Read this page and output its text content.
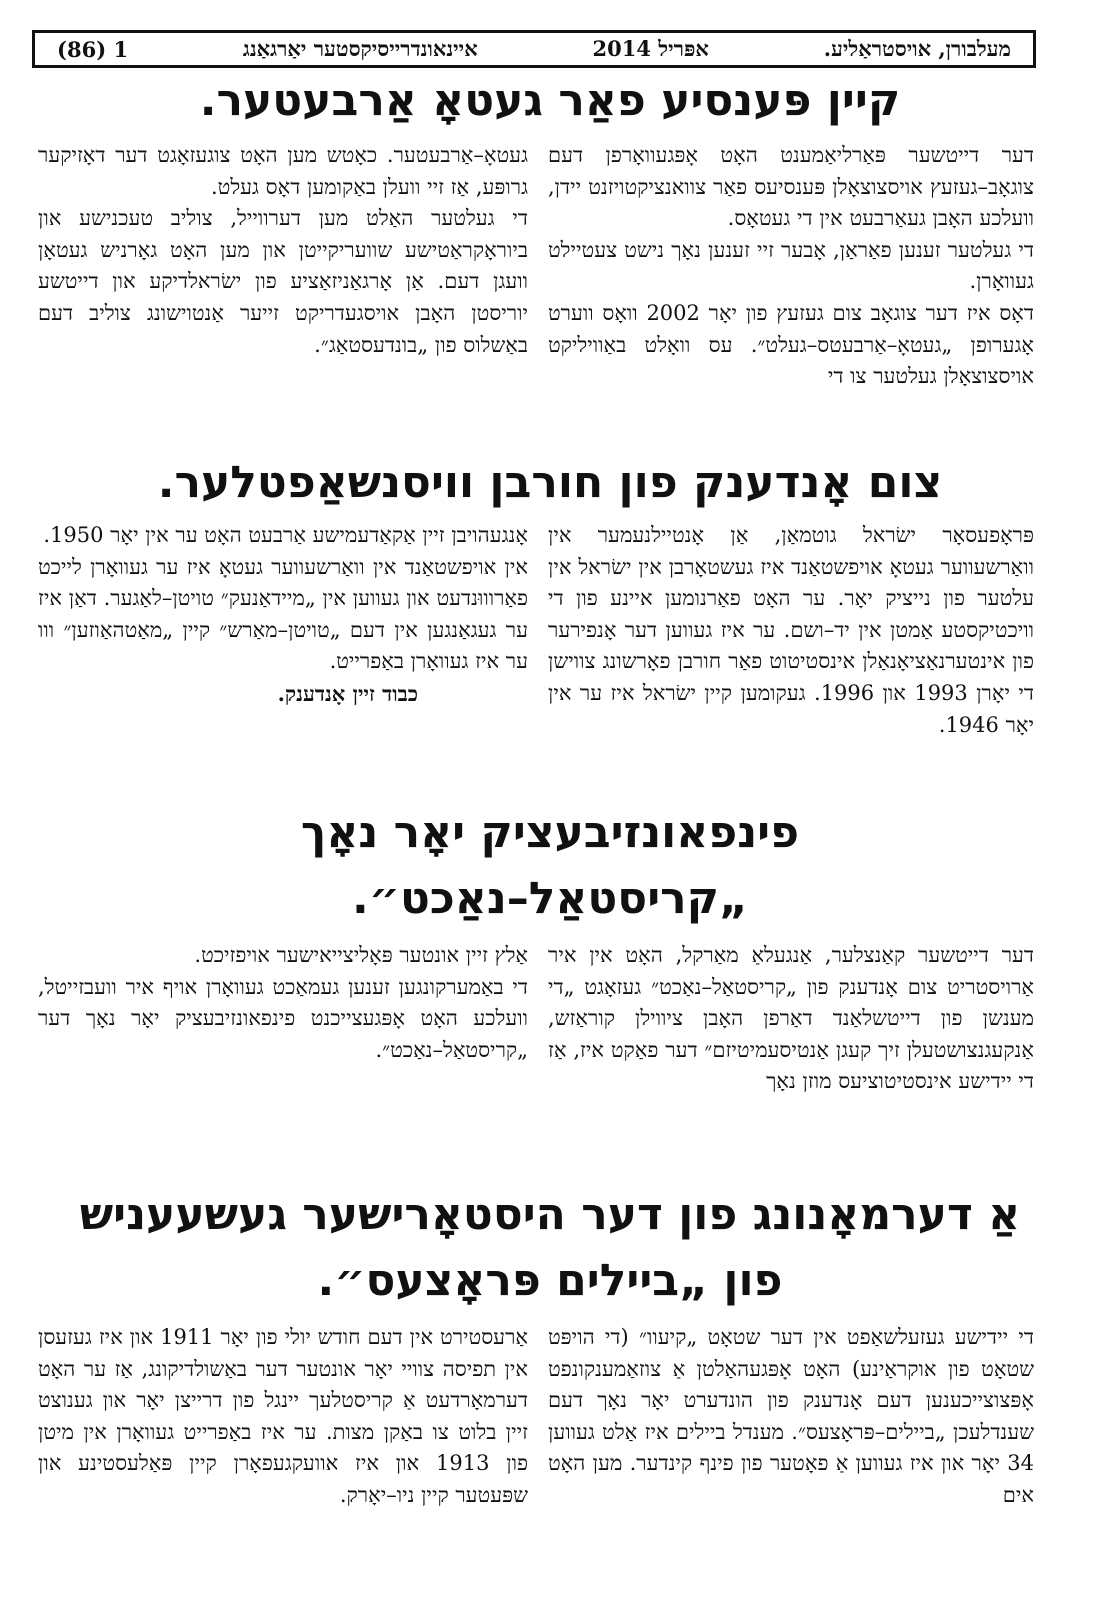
מעלבורן, אויסטראַליע.
אפּריל 2014
איינאונדרייסיקסטער יאַרגאַנג
1 (86)
קיין פּענסיע פאַר געטאָ אַרבעטער.

דער דייטשער פּאַרליאַמענט האָט אָפּגעוואָרפן דעם צוגאָב–געזעץ אויסצוצאָלן פּענסיעס פאַר צוואנציקטויזנט יידן, וועלכע האָבן געאַרבעט אין די געטאָס.

די געלטער זענען פאַראַן, אָבער זיי זענען נאָך נישט צעטיילט געוואָרן.

דאָס איז דער צוגאָב צום געזעץ פון יאָר 2002 וואָס ווערט אָגערופן „געטאָ–אַרבעטס–געלט״. עס וואָלט באַוויליקט אויסצוצאָלן געלטער צו די

געטאָ–אַרבעטער. כאָטש מען האָט צוגעזאָגט דער דאָזיקער גרופּע, אַז זיי וועלן באַקומען דאָס געלט.

די געלטער האַלט מען דערווייל, צוליב טעכנישע און ביוראָקראַטישע שוועריקייטן און מען האָט גאָרניש געטאָן וועגן דעם. אַן אָרגאַניזאַציע פון ישׂראלדיקע און דייטשע יוריסטן האָבן אויסגעדריקט זייער אַנטוישונג צוליב דעם באַשלוס פון „בונדעסטאַג״.

צום אָנדענק פון חורבן וויסנשאַפטלער.

פּראָפעסאָר ישׂראל גוטמאַן, אַן אָנטיילנעמער אין וואַרשעווער געטאָ אויפשטאַנד איז געשטאָרבן אין ישׂראל אין עלטער פון נייציק יאָר. ער האָט פאַרנומען איינע פון די וויכטיקסטע אַמטן אין יד–ושם. ער איז געווען דער אָנפירער פון אינטערנאַציאָנאַלן אינסטיטוט פאַר חורבן פאָרשונג צווישן די יאָרן 1993 און 1996. געקומען קיין ישׂראל איז ער אין יאָר 1946.

אָנגעהויבן זיין אַקאַדעמישע אַרבעט האָט ער אין יאָר 1950.

אין אויפשטאַנד אין וואַרשעווער געטאָ איז ער געוואָרן לייכט פאַרוווּנדעט און געווען אין „מיידאַנעק״ טויטן–לאַגער. דאַן איז ער געגאַנגען אין דעם „טויטן–מאַרש״ קיין „מאַטהאַוזען״ ווו ער איז געוואָרן באַפרייט.

כבוד זיין אָנדענק.

פינפאונזיבעציק יאָר נאָך „קריסטאַל–נאַכט״.

דער דייטשער קאַנצלער, אַנגעלאַ מאַרקל, האָט אין איר אַרויסטריט צום אָנדענק פון „קריסטאַל–נאַכט״ געזאָגט „די מענשן פון דייטשלאַנד דאַרפן האָבן ציווילן קוראַזש, אַנקעגנצושטעלן זיך קעגן אַנטיסעמיטיזם״ דער פאַקט איז, אַז די יידישע אינסטיטוציעס מוזן נאָך

אַלץ זיין אונטער פּאָליצייאישער אויפזיכט.

די באַמערקונגען זענען געמאַכט געוואָרן אויף איר וועבזייטל, וועלכע האָט אָפּגעצייכנט פינפאונזיבעציק יאָר נאָך דער „קריסטאַל–נאַכט״.

אַ דערמאָנונג פון דער היסטאָרישער געשעעניש פון „ביילים פּראָצעס״.

די יידישע געזעלשאַפט אין דער שטאָט „קיעוו״ (די הויפּט שטאָט פון אוקראַינע) האָט אָפּגעהאַלטן אַ צוזאַמענקונפט אָפּצוצייכענען דעם אָנדענק פון הונדערט יאָר נאָך דעם שענדלעכן „ביילים–פּראָצעס״. מענדל ביילים איז אַלט געווען 34 יאָר און איז געווען אַ פאָטער פון פינף קינדער. מען האָט אים

אַרעסטירט אין דעם חודש יולי פון יאָר 1911 און איז געזעסן אין תפיסה צוויי יאָר אונטער דער באַשולדיקונג, אַז ער האָט דערמאָרדעט אַ קריסטלעך יינגל פון דרייצן יאָר און גענוצט זיין בלוט צו באַקן מצות. ער איז באַפרייט געוואָרן אין מיטן פון 1913 און איז אוועקגעפאָרן קיין פּאַלעסטינע און שפּעטער קיין ניו–יאָרק.
